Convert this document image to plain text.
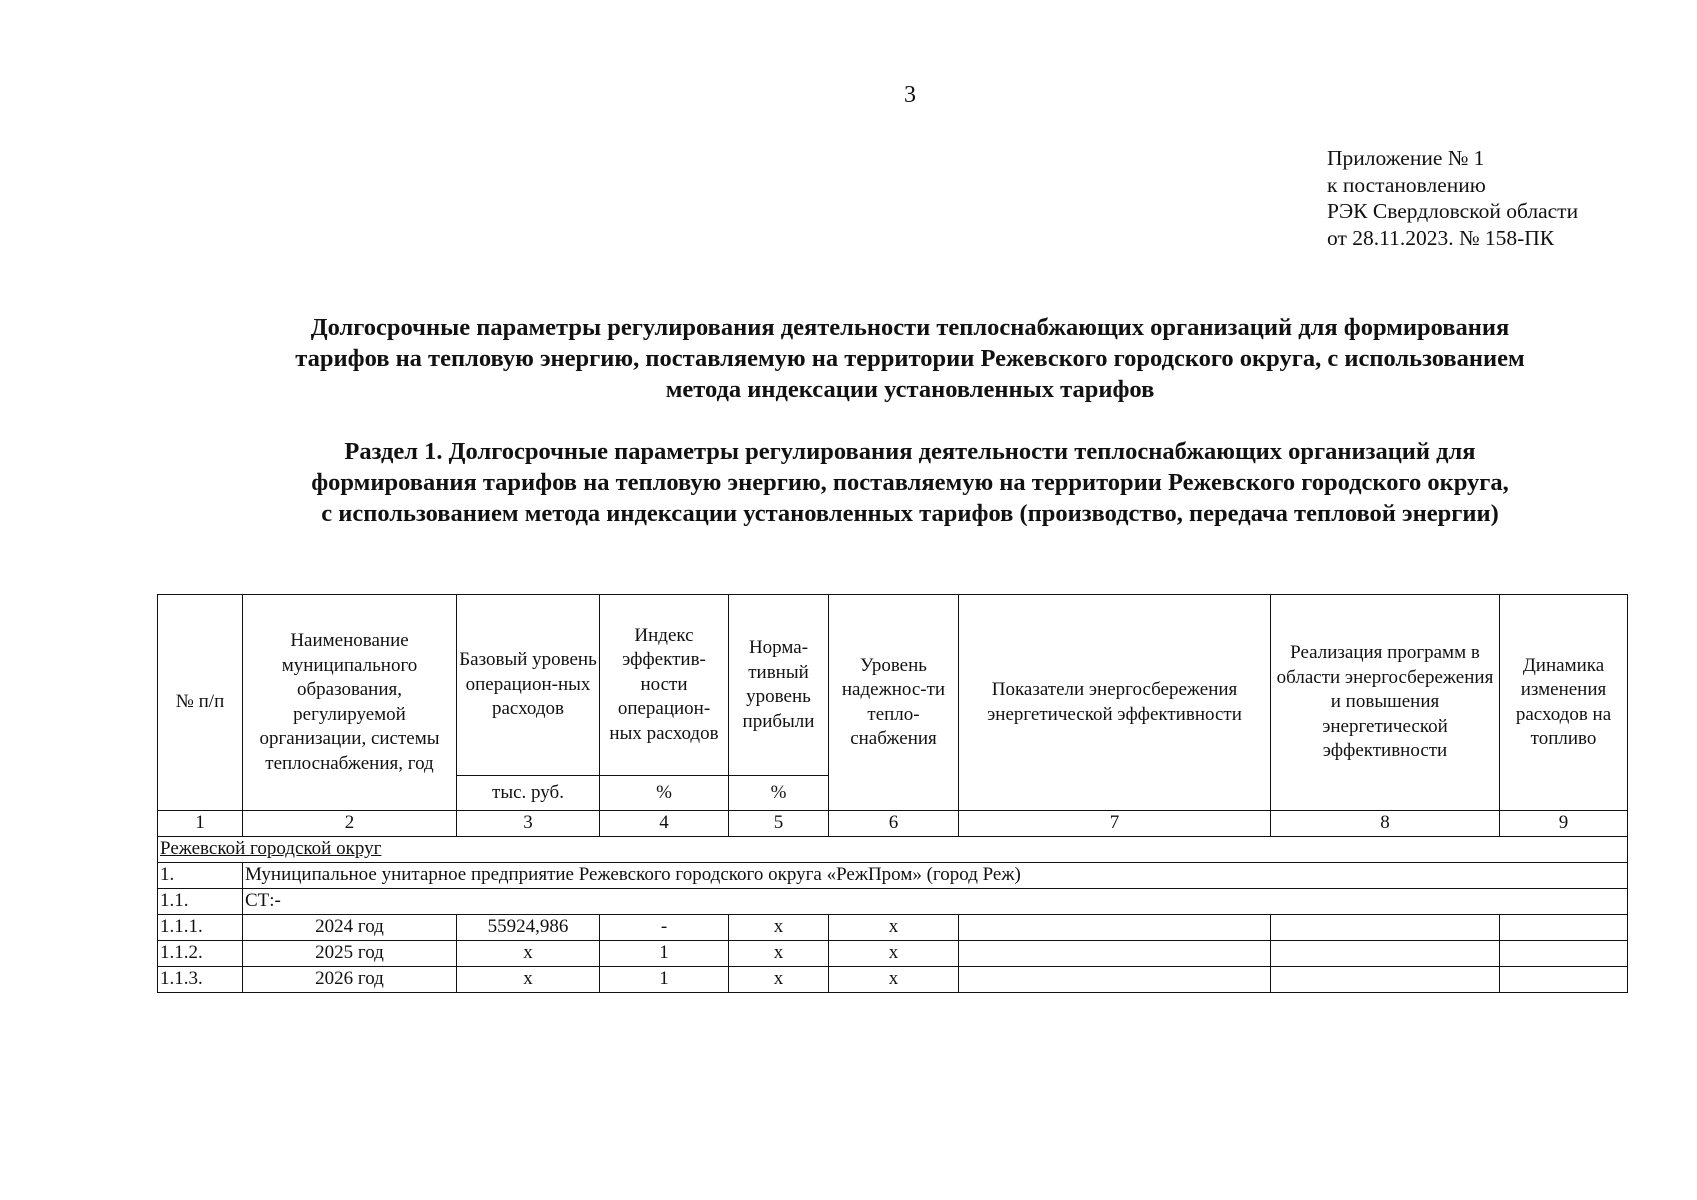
3
Приложение № 1
к постановлению
РЭК Свердловской области
от 28.11.2023. № 158-ПК
Долгосрочные параметры регулирования деятельности теплоснабжающих организаций для формирования
тарифов на тепловую энергию, поставляемую на территории Режевского городского округа, с использованием
метода индексации установленных тарифов
Раздел 1. Долгосрочные параметры регулирования деятельности теплоснабжающих организаций для
формирования тарифов на тепловую энергию, поставляемую на территории Режевского городского округа,
с использованием метода индексации установленных тарифов (производство, передача тепловой энергии)
№ п/п	Наименование муниципального образования, регулируемой организации, системы теплоснабжения, год	Базовый уровень операцион-ных расходов	Индекс эффектив-ности операцион-ных расходов	Норма-тивный уровень прибыли	Уровень надежнос-ти тепло-снабжения	Показатели энергосбережения энергетической эффективности	Реализация программ в области энергосбережения и повышения энергетической эффективности	Динамика изменения расходов на топливо
		тыс. руб.	%	%				
1	2	3	4	5	6	7	8	9
Режевской городской округ								
1.	Муниципальное унитарное предприятие Режевского городского округа «РежПром» (город Реж)							
1.1.	СТ:-							
1.1.1.	2024 год	55924,986	-	х	х			
1.1.2.	2025 год	х	1	х	х			
1.1.3.	2026 год	х	1	х	х			
